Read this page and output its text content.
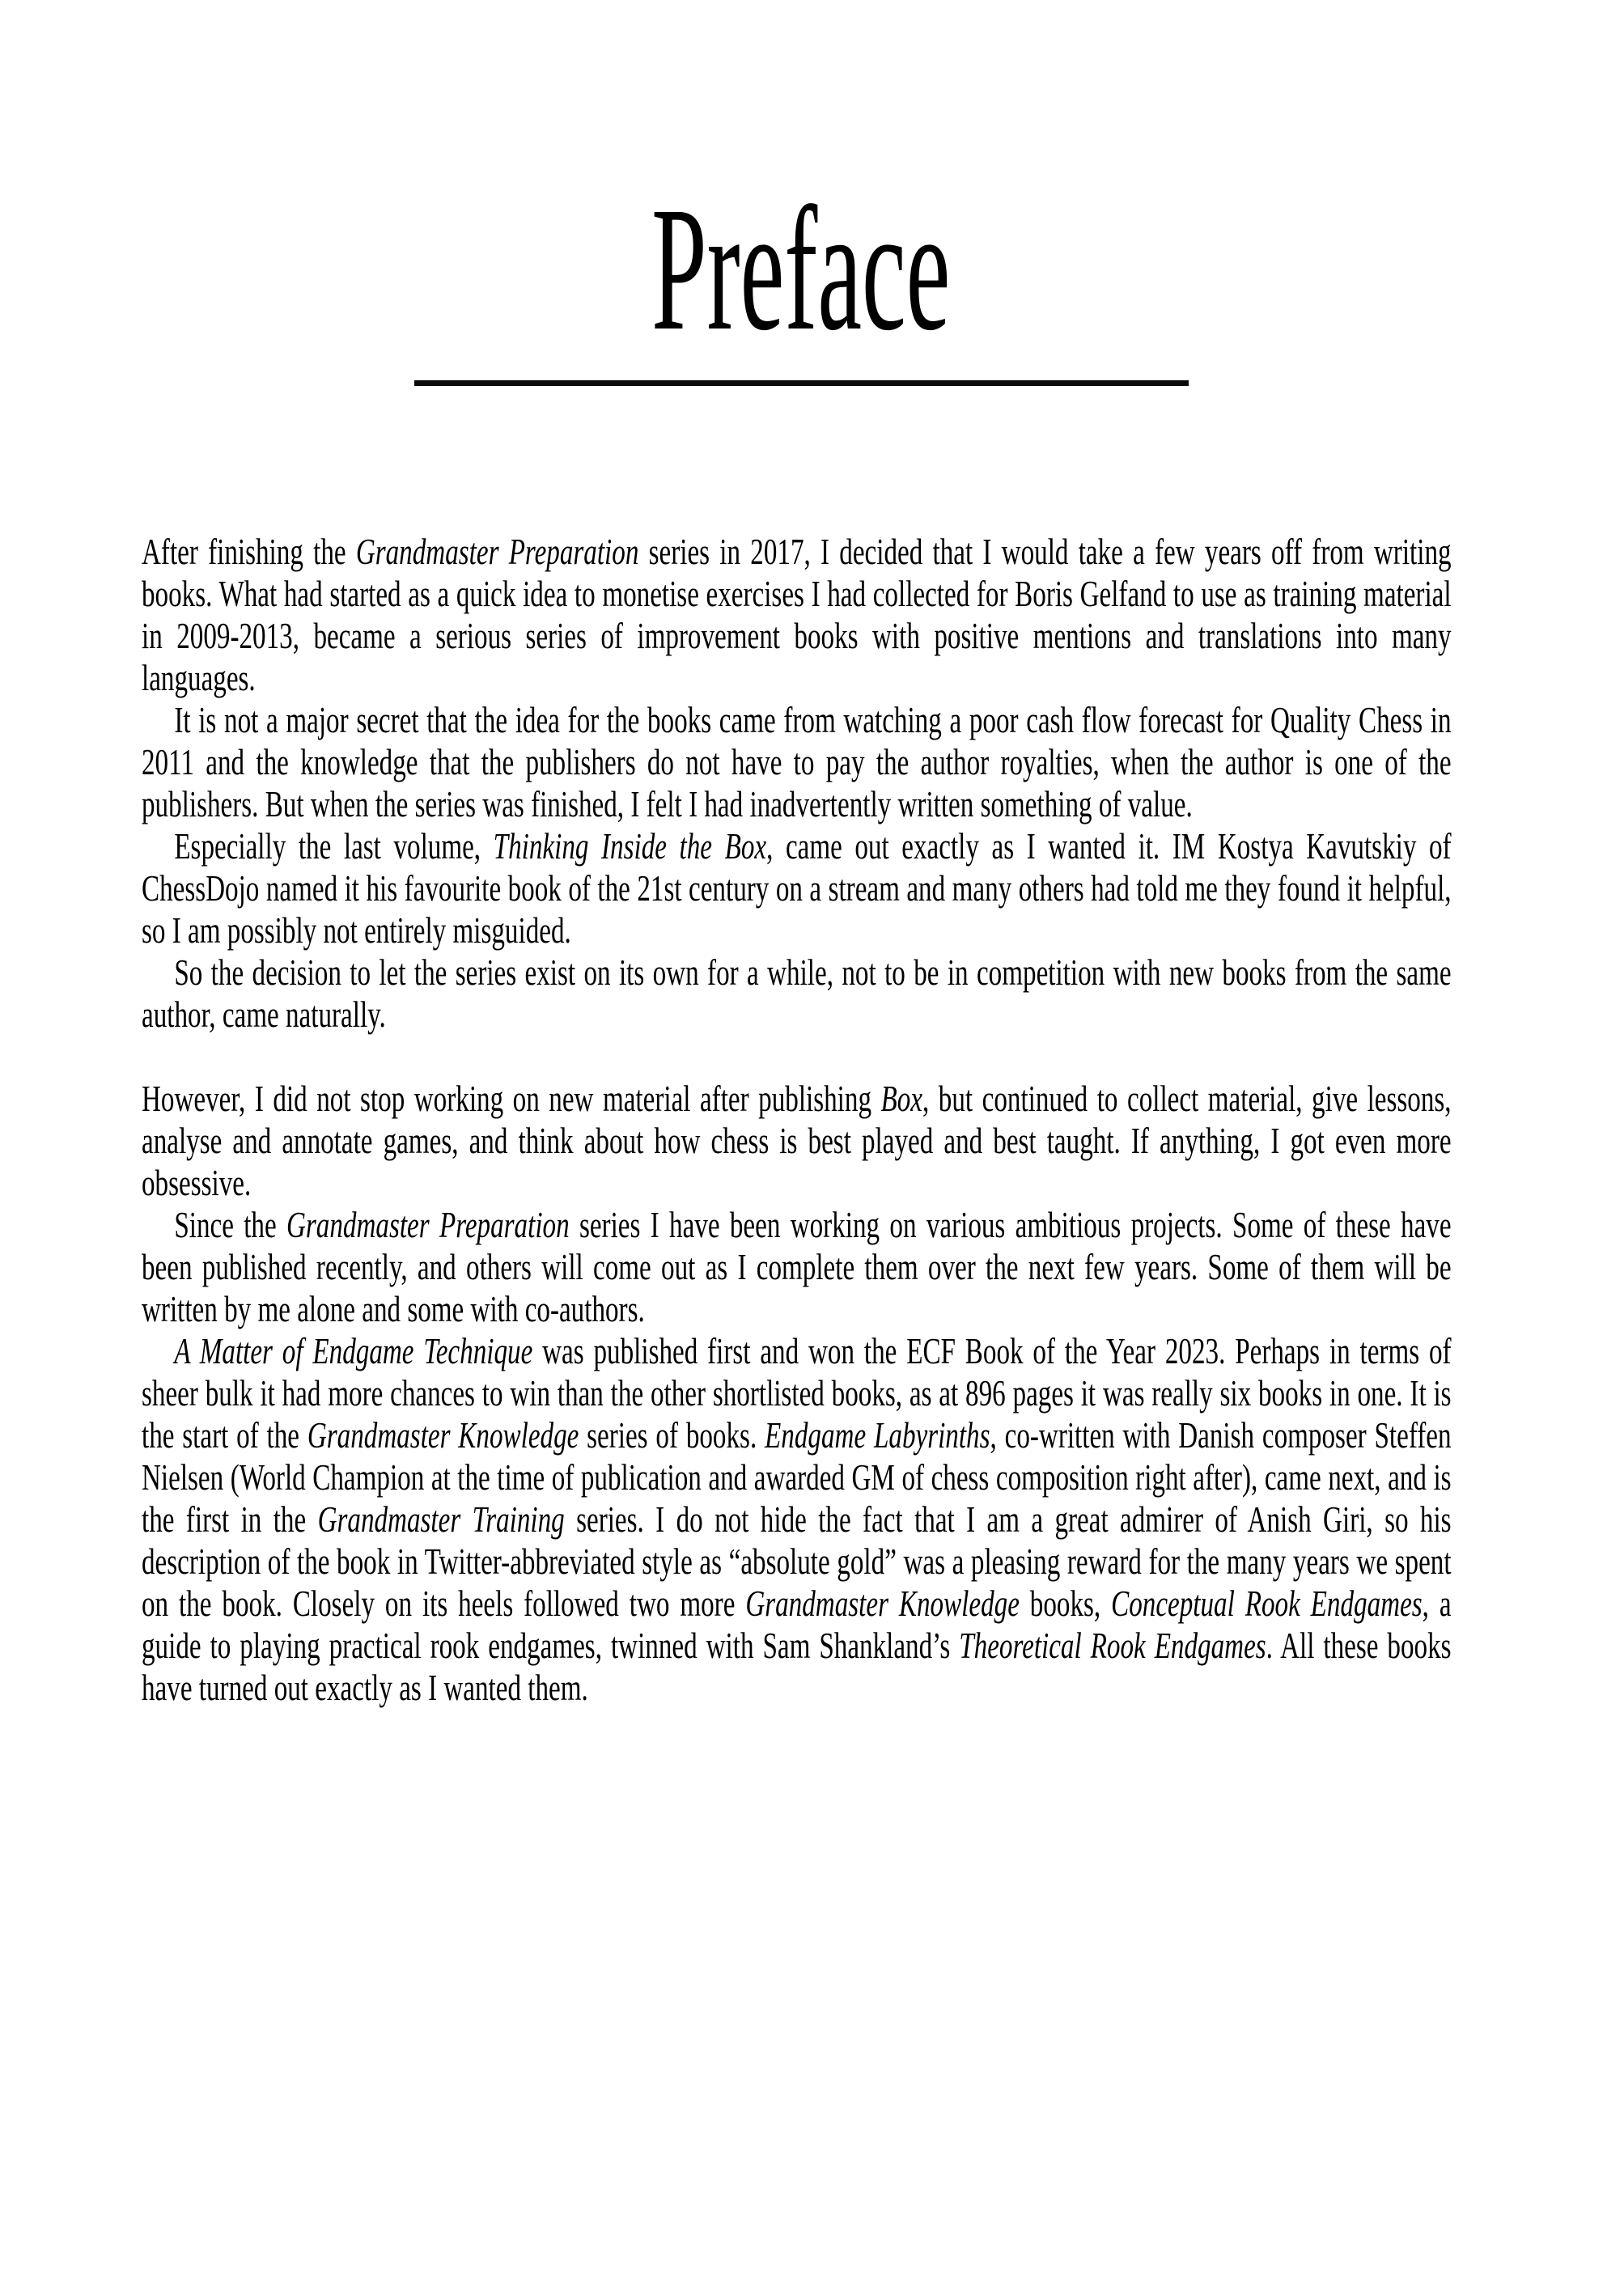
Preface

After finishing the Grandmaster Preparation series in 2017, I decided that I would take a few years off from writing books. What had started as a quick idea to monetise exercises I had collected for Boris Gelfand to use as training material in 2009-2013, became a serious series of improvement books with positive mentions and translations into many languages.

It is not a major secret that the idea for the books came from watching a poor cash flow forecast for Quality Chess in 2011 and the knowledge that the publishers do not have to pay the author royalties, when the author is one of the publishers. But when the series was finished, I felt I had inadvertently written something of value.

Especially the last volume, Thinking Inside the Box, came out exactly as I wanted it. IM Kostya Kavutskiy of ChessDojo named it his favourite book of the 21st century on a stream and many others had told me they found it helpful, so I am possibly not entirely misguided.

So the decision to let the series exist on its own for a while, not to be in competition with new books from the same author, came naturally.

However, I did not stop working on new material after publishing Box, but continued to collect material, give lessons, analyse and annotate games, and think about how chess is best played and best taught. If anything, I got even more obsessive.

Since the Grandmaster Preparation series I have been working on various ambitious projects. Some of these have been published recently, and others will come out as I complete them over the next few years. Some of them will be written by me alone and some with co-authors.

A Matter of Endgame Technique was published first and won the ECF Book of the Year 2023. Perhaps in terms of sheer bulk it had more chances to win than the other shortlisted books, as at 896 pages it was really six books in one. It is the start of the Grandmaster Knowledge series of books. Endgame Labyrinths, co-written with Danish composer Steffen Nielsen (World Champion at the time of publication and awarded GM of chess composition right after), came next, and is the first in the Grandmaster Training series. I do not hide the fact that I am a great admirer of Anish Giri, so his description of the book in Twitter-abbreviated style as “absolute gold” was a pleasing reward for the many years we spent on the book. Closely on its heels followed two more Grandmaster Knowledge books, Conceptual Rook Endgames, a guide to playing practical rook endgames, twinned with Sam Shankland’s Theoretical Rook Endgames. All these books have turned out exactly as I wanted them.
